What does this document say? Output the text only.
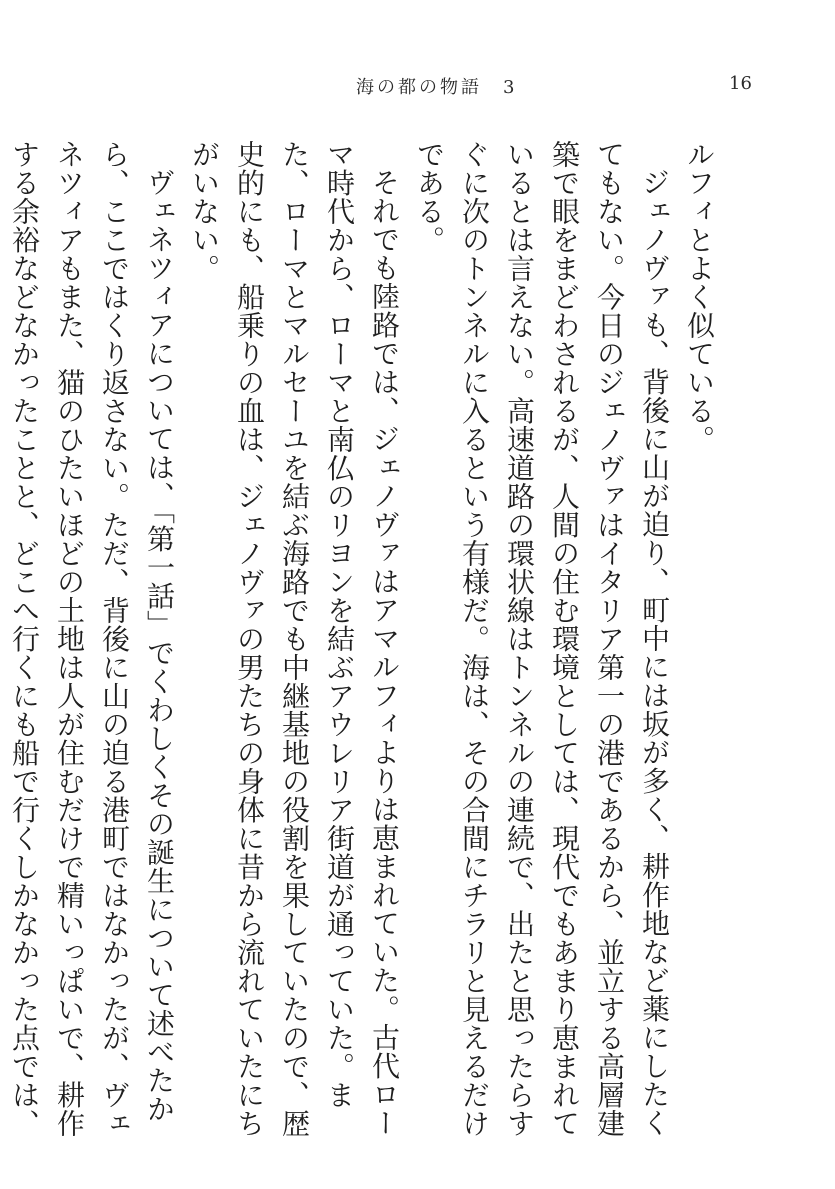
海の都の物語　3	16

ルフィとよく似ている。

ジェノヴァも、背後に山が迫り、町中には坂が多く、耕作地など薬にしたくてもない。今日のジェノヴァはイタリア第一の港であるから、並立する高層建築で眼をまどわされるが、人間の住む環境としては、現代でもあまり恵まれているとは言えない。高速道路の環状線はトンネルの連続で、出たと思ったらすぐに次のトンネルに入るという有様だ。海は、その合間にチラリと見えるだけである。

それでも陸路では、ジェノヴァはアマルフィよりは恵まれていた。古代ローマ時代から、ローマと南仏のリヨンを結ぶアウレリア街道が通っていた。また、ローマとマルセーユを結ぶ海路でも中継基地の役割を果していたので、歴史的にも、船乗りの血は、ジェノヴァの男たちの身体に昔から流れていたにちがいない。

ヴェネツィアについては、「第一話」でくわしくその誕生について述べたから、ここではくり返さない。ただ、背後に山の迫る港町ではなかったが、ヴェネツィアもまた、猫のひたいほどの土地は人が住むだけで精いっぱいで、耕作する余裕などなかったことと、どこへ行くにも船で行くしかなかった点では、
